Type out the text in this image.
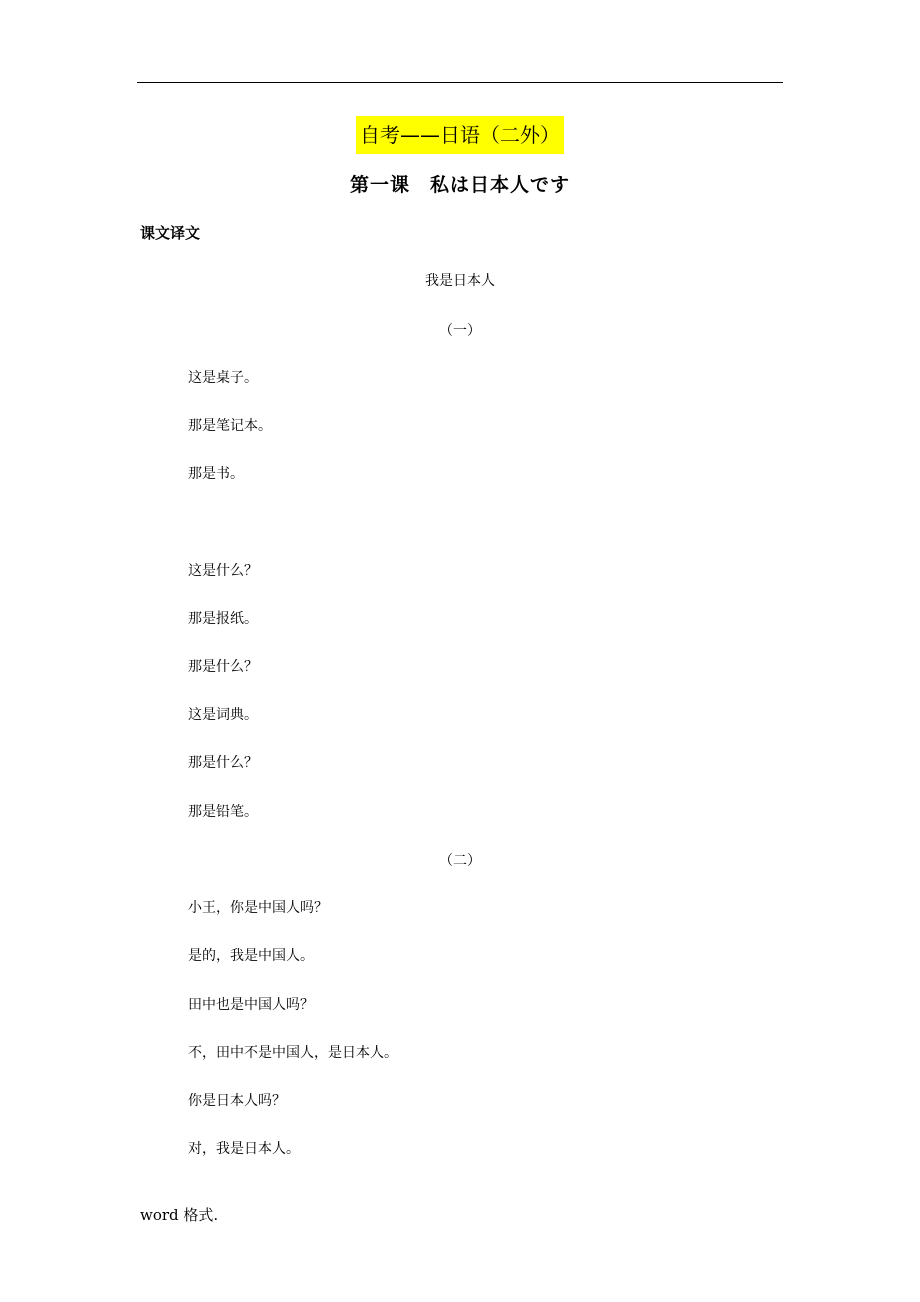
自考——日语（二外）
第一课　私は日本人です
课文译文
我是日本人
（一）
这是桌子。
那是笔记本。
那是书。
这是什么？
那是报纸。
那是什么？
这是词典。
那是什么？
那是铅笔。
（二）
小王，你是中国人吗？
是的，我是中国人。
田中也是中国人吗？
不，田中不是中国人，是日本人。
你是日本人吗？
对，我是日本人。
word 格式.
